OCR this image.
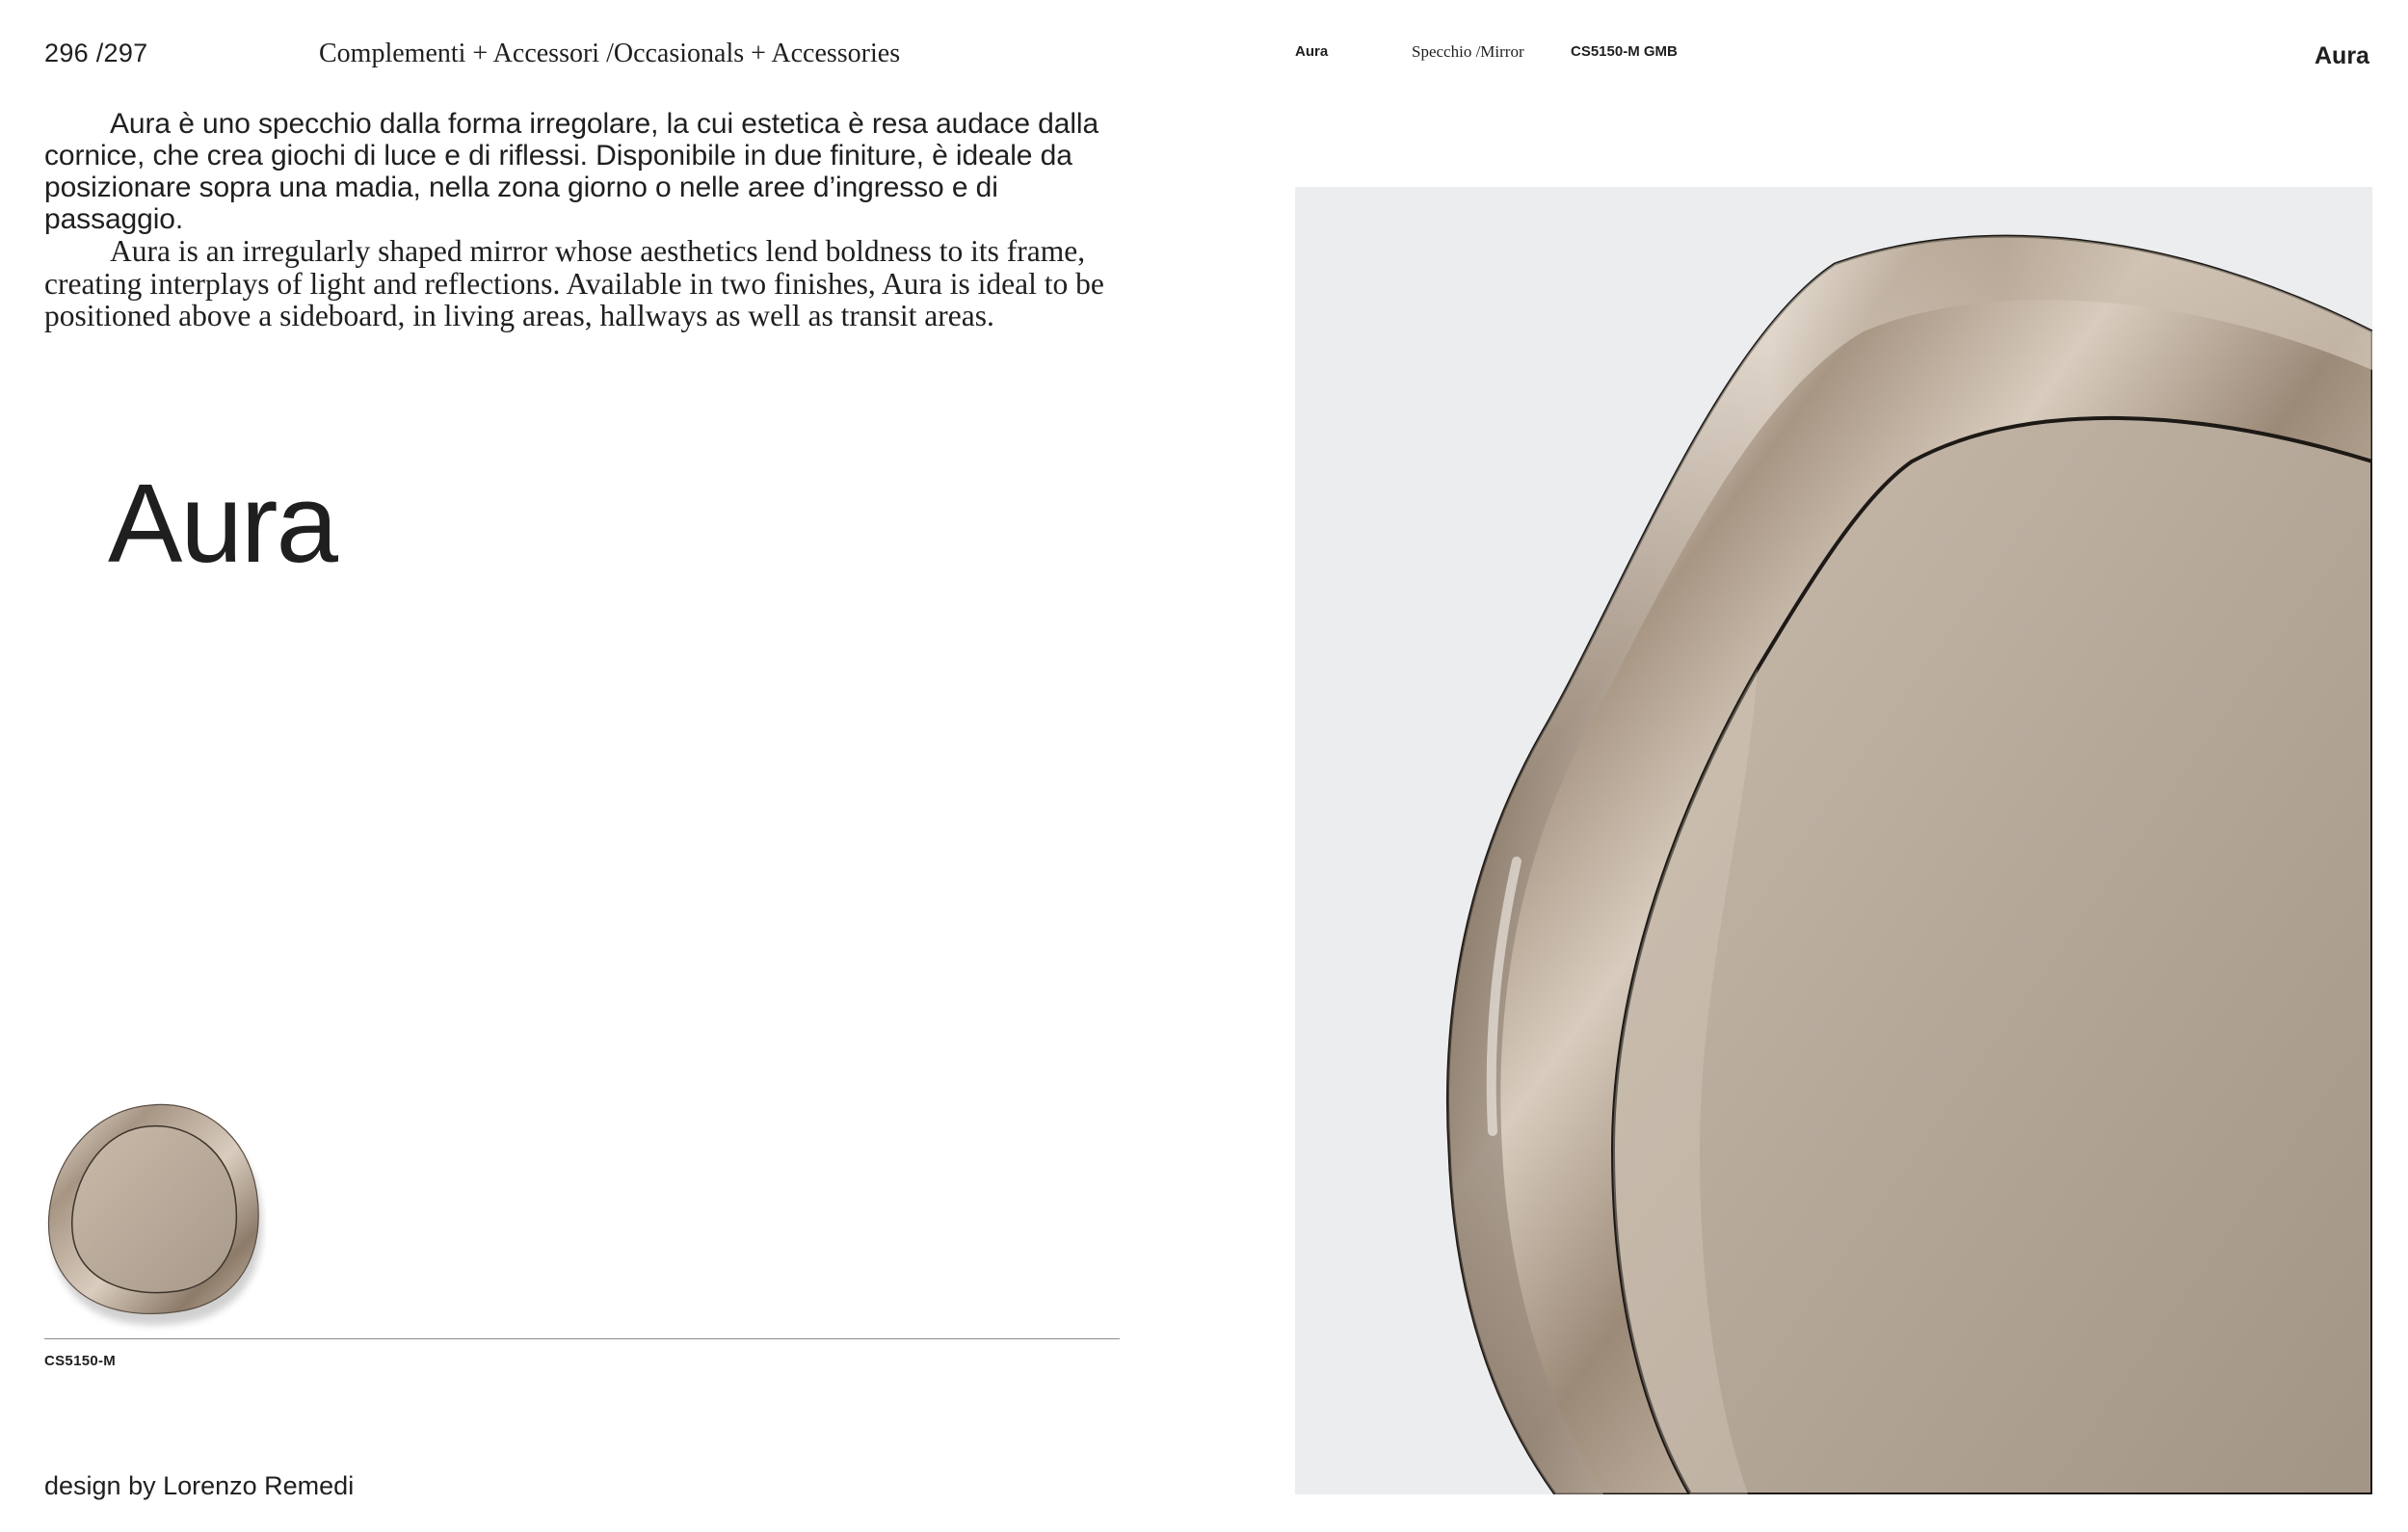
296 /297	Complementi + Accessori /Occasionals + Accessories

Aura è uno specchio dalla forma irregolare, la cui estetica è resa audace dalla cornice, che crea giochi di luce e di riflessi. Disponibile in due finiture, è ideale da posizionare sopra una madia, nella zona giorno o nelle aree d’ingresso e di passaggio.

Aura is an irregularly shaped mirror whose aesthetics lend boldness to its frame, creating interplays of light and reflections. Available in two finishes, Aura is ideal to be positioned above a sideboard, in living areas, hallways as well as transit areas.

Aura
CS5150-M
design by Lorenzo Remedi
Aura	Specchio /Mirror	CS5150-M GMB	Aura
